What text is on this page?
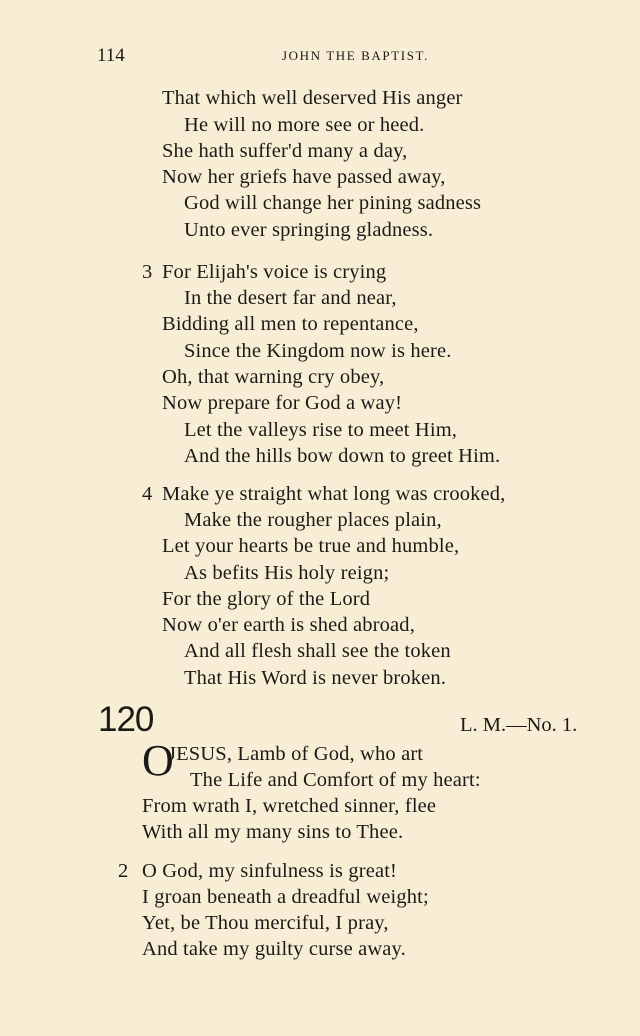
114	JOHN THE BAPTIST.
That which well deserved His anger
He will no more see or heed.
She hath suffer'd many a day,
Now her griefs have passed away,
God will change her pining sadness
Unto ever springing gladness.
3 For Elijah's voice is crying
In the desert far and near,
Bidding all men to repentance,
Since the Kingdom now is here.
Oh, that warning cry obey,
Now prepare for God a way!
Let the valleys rise to meet Him,
And the hills bow down to greet Him.
4 Make ye straight what long was crooked,
Make the rougher places plain,
Let your hearts be true and humble,
As befits His holy reign;
For the glory of the Lord
Now o'er earth is shed abroad,
And all flesh shall see the token
That His Word is never broken.
120	L. M.—No. 1.
O
JESUS, Lamb of God, who art
The Life and Comfort of my heart:
From wrath I, wretched sinner, flee
With all my many sins to Thee.
2 O God, my sinfulness is great!
I groan beneath a dreadful weight;
Yet, be Thou merciful, I pray,
And take my guilty curse away.
